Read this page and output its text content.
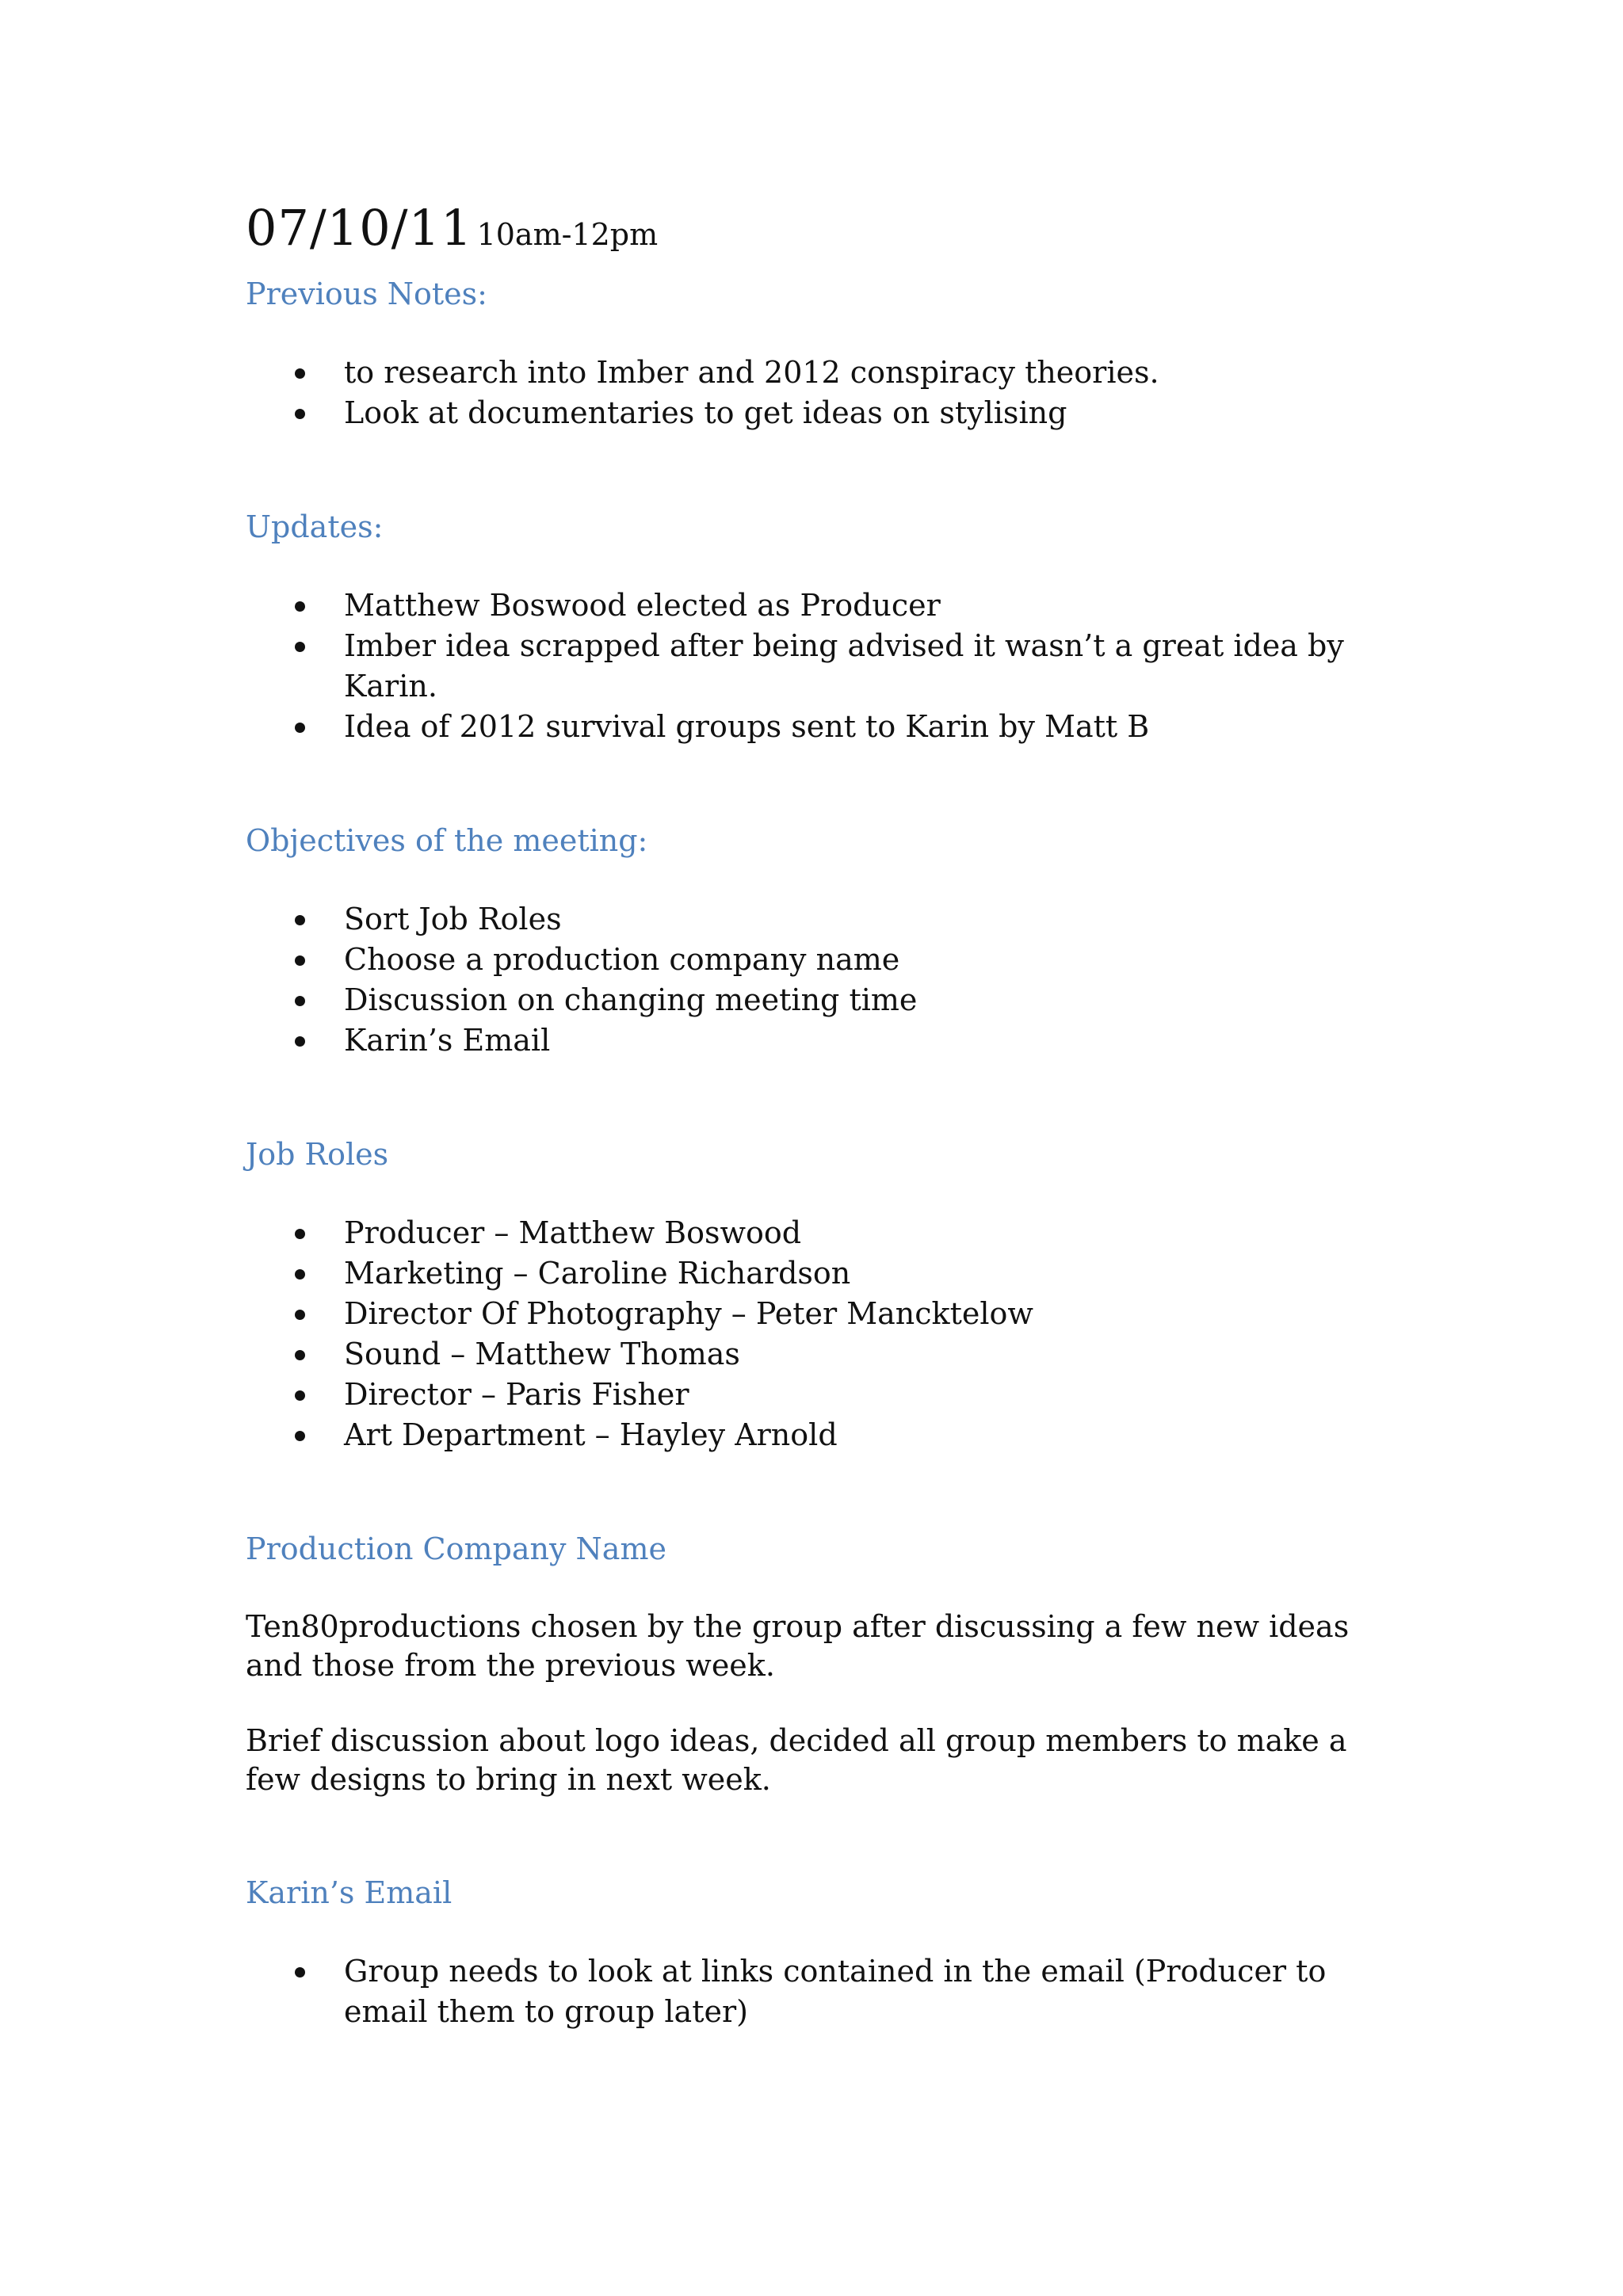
07/10/11 10am-12pm
Previous Notes:
to research into Imber and 2012 conspiracy theories.
Look at documentaries to get ideas on stylising
Updates:
Matthew Boswood elected as Producer
Imber idea scrapped after being advised it wasn’t a great idea by Karin.
Idea of 2012 survival groups sent to Karin by Matt B
Objectives of the meeting:
Sort Job Roles
Choose a production company name
Discussion on changing meeting time
Karin’s Email
Job Roles
Producer – Matthew Boswood
Marketing – Caroline Richardson
Director Of Photography – Peter Mancktelow
Sound – Matthew Thomas
Director – Paris Fisher
Art Department – Hayley Arnold
Production Company Name

Ten80productions chosen by the group after discussing a few new ideas and those from the previous week.

Brief discussion about logo ideas, decided all group members to make a few designs to bring in next week.

Karin’s Email
Group needs to look at links contained in the email (Producer to email them to group later)
